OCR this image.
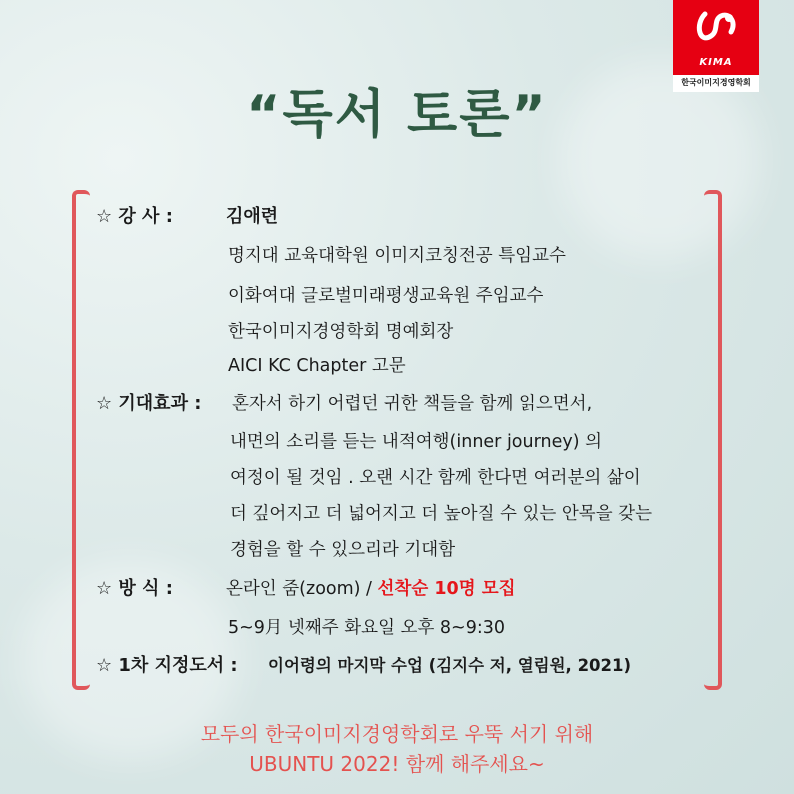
KIMA
한국이미지경영학회
“독서 토론”
☆ 강 사 :	김애련
명지대 교육대학원 이미지코칭전공 특임교수
이화여대 글로벌미래평생교육원 주임교수
한국이미지경영학회 명예회장
AICI KC Chapter 고문
☆ 기대효과 : 혼자서 하기 어렵던 귀한 책들을 함께 읽으면서,
내면의 소리를 듣는 내적여행(inner journey) 의
여정이 될 것임 . 오랜 시간 함께 한다면 여러분의 삶이
더 깊어지고 더 넓어지고 더 높아질 수 있는 안목을 갖는
경험을 할 수 있으리라 기대함
☆ 방 식 :	온라인 줌(zoom) / 선착순 10명 모집
5~9月 넷째주 화요일 오후 8~9:30
☆ 1차 지정도서 : 이어령의 마지막 수업 (김지수 저, 열림원, 2021)
모두의 한국이미지경영학회로 우뚝 서기 위해
UBUNTU 2022! 함께 해주세요~
